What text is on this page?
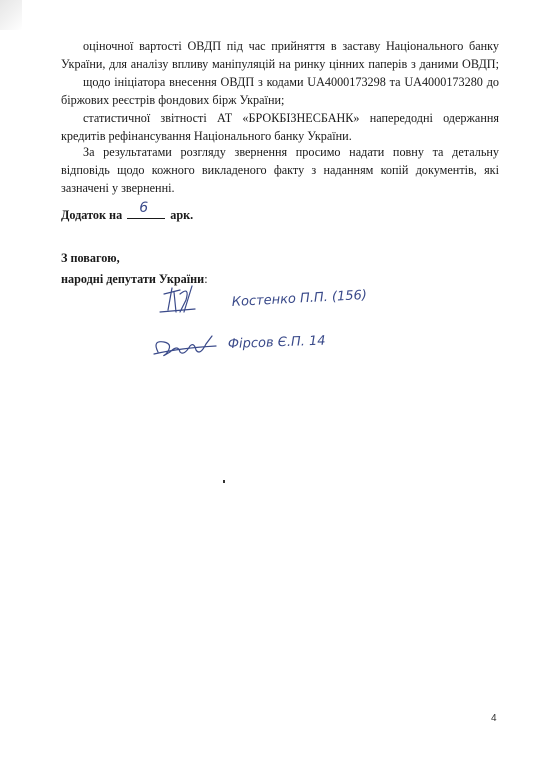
оціночної вартості ОВДП під час прийняття в заставу Національного банку
України, для аналізу впливу маніпуляцій на ринку цінних паперів з даними ОВДП;
щодо ініціатора внесення ОВДП з кодами UA4000173298 та UA4000173280 до
біржових реєстрів фондових бірж України;
статистичної звітності АТ «БРОКБІЗНЕСБАНК» напередодні одержання
кредитів рефінансування Національного банку України.
За результатами розгляду звернення просимо надати повну та детальну
відповідь щодо кожного викладеного факту з наданням копій документів, які
зазначені у зверненні.
Додаток на 6 арк.
З повагою,
народні депутати України:
Костенко П.П. (156)
Фірсов Є.П. 14
4
